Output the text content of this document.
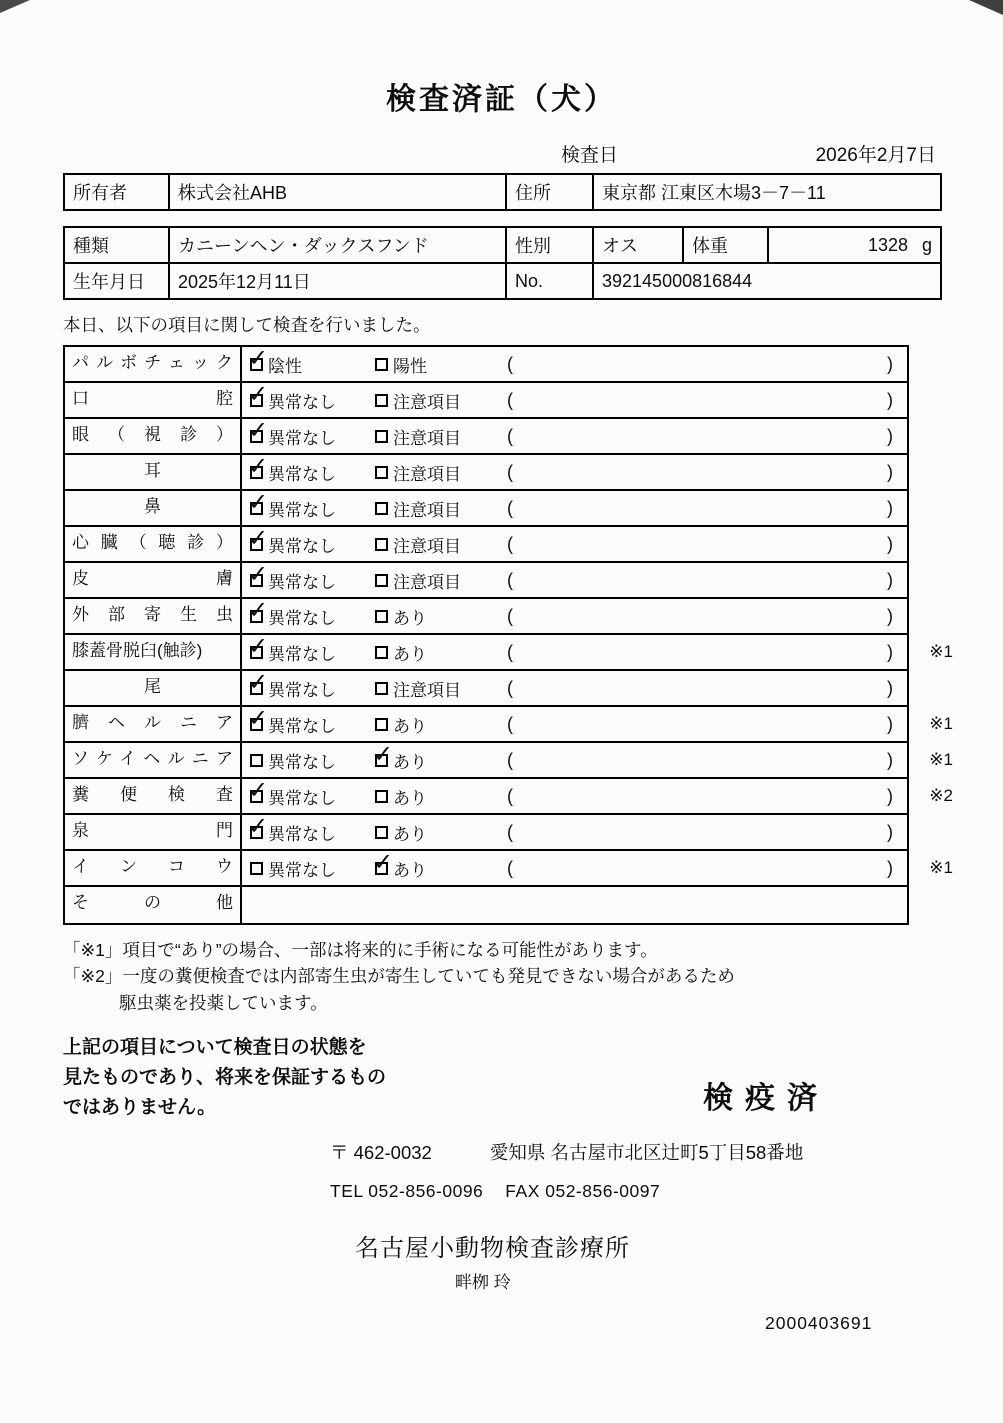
検査済証（犬）
検査日	2026年2月7日
所有者	株式会社AHB	住所	東京都 江東区木場3－7－11
種類	カニーンヘン・ダックスフンド	性別	オス	体重	1328 g
生年月日	2025年12月11日	No.	392145000816844		

本日、以下の項目に関して検査を行いました。

パルボチェック ✓	陰性	陽性	(	)
口腔 ✓	異常なし	注意項目	(	)
眼（視診） ✓	異常なし	注意項目	(	)
耳 ✓	異常なし	注意項目	(	)
鼻 ✓	異常なし	注意項目	(	)
心臓（聴診） ✓	異常なし	注意項目	(	)
皮膚 ✓	異常なし	注意項目	(	)
外部寄生虫 ✓	異常なし	あり	(	)
膝蓋骨脱臼(触診) ✓	異常なし	あり	(	)	※1
尾 ✓	異常なし	注意項目	(	)
臍ヘルニア ✓	異常なし	あり	(	)	※1
ソケイヘルニア	異常なし ✓	あり	(	)	※1
糞便検査 ✓	異常なし	あり	(	)	※2
泉門 ✓	異常なし	あり	(	)
インコウ	異常なし ✓	あり	(	)	※1
その他
「※1」項目で“あり”の場合、一部は将来的に手術になる可能性があります。
「※2」一度の糞便検査では内部寄生虫が寄生していても発見できない場合があるため
駆虫薬を投薬しています。
上記の項目について検査日の状態を
見たものであり、将来を保証するもの
ではありません。	検疫済
〒 462-0032	愛知県 名古屋市北区辻町5丁目58番地
TEL 052-856-0096 FAX 052-856-0097
名古屋小動物検査診療所
畔栁 玲
2000403691
